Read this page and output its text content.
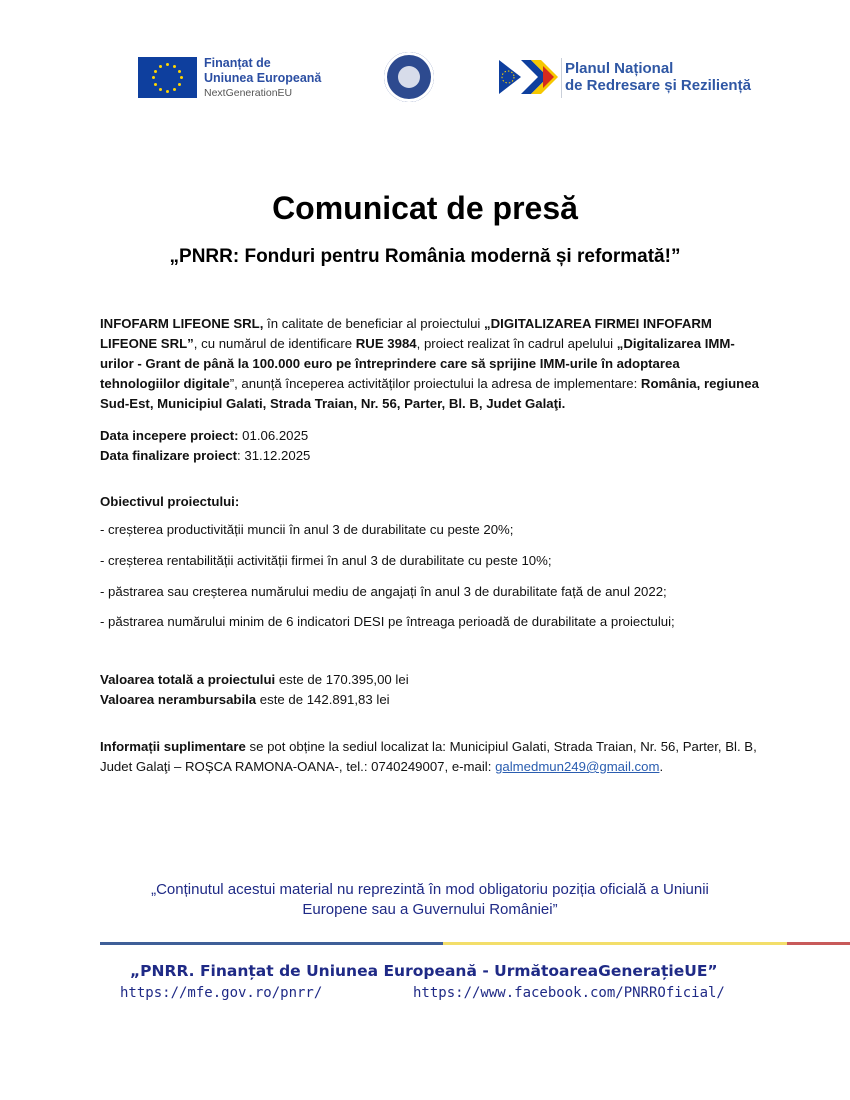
Finanțat de
Uniunea Europeană
NextGenerationEU
Planul Național
de Redresare și Reziliență
Comunicat de presă
„PNRR: Fonduri pentru România modernă și reformată!”
INFOFARM LIFEONE SRL, în calitate de beneficiar al proiectului „DIGITALIZAREA FIRMEI INFOFARM LIFEONE SRL”, cu numărul de identificare RUE 3984, proiect realizat în cadrul apelului „Digitalizarea IMM-urilor - Grant de până la 100.000 euro pe întreprindere care să sprijine IMM-urile în adoptarea tehnologiilor digitale”, anunță începerea activităților proiectului la adresa de implementare: România, regiunea Sud-Est, Municipiul Galati, Strada Traian, Nr. 56, Parter, Bl. B, Judet Galaţi.
Data incepere proiect: 01.06.2025
Data finalizare proiect: 31.12.2025
Obiectivul proiectului:
- creșterea productivității muncii în anul 3 de durabilitate cu peste 20%;
- creșterea rentabilității activității firmei în anul 3 de durabilitate cu peste 10%;
- păstrarea sau creșterea numărului mediu de angajați în anul 3 de durabilitate față de anul 2022;
- păstrarea numărului minim de 6 indicatori DESI pe întreaga perioadă de durabilitate a proiectului;
Valoarea totală a proiectului este de 170.395,00 lei
Valoarea nerambursabila este de 142.891,83 lei
Informații suplimentare se pot obține la sediul localizat la: Municipiul Galati, Strada Traian, Nr. 56, Parter, Bl. B, Judet Galaţi – ROȘCA RAMONA-OANA-, tel.: 0740249007, e-mail: galmedmun249@gmail.com.
„Conținutul acestui material nu reprezintă în mod obligatoriu poziția oficială a Uniunii
Europene sau a Guvernului României”
„PNRR. Finanțat de Uniunea Europeană - UrmătoareaGenerațieUE”
https://mfe.gov.ro/pnrr/	https://www.facebook.com/PNRROficial/
